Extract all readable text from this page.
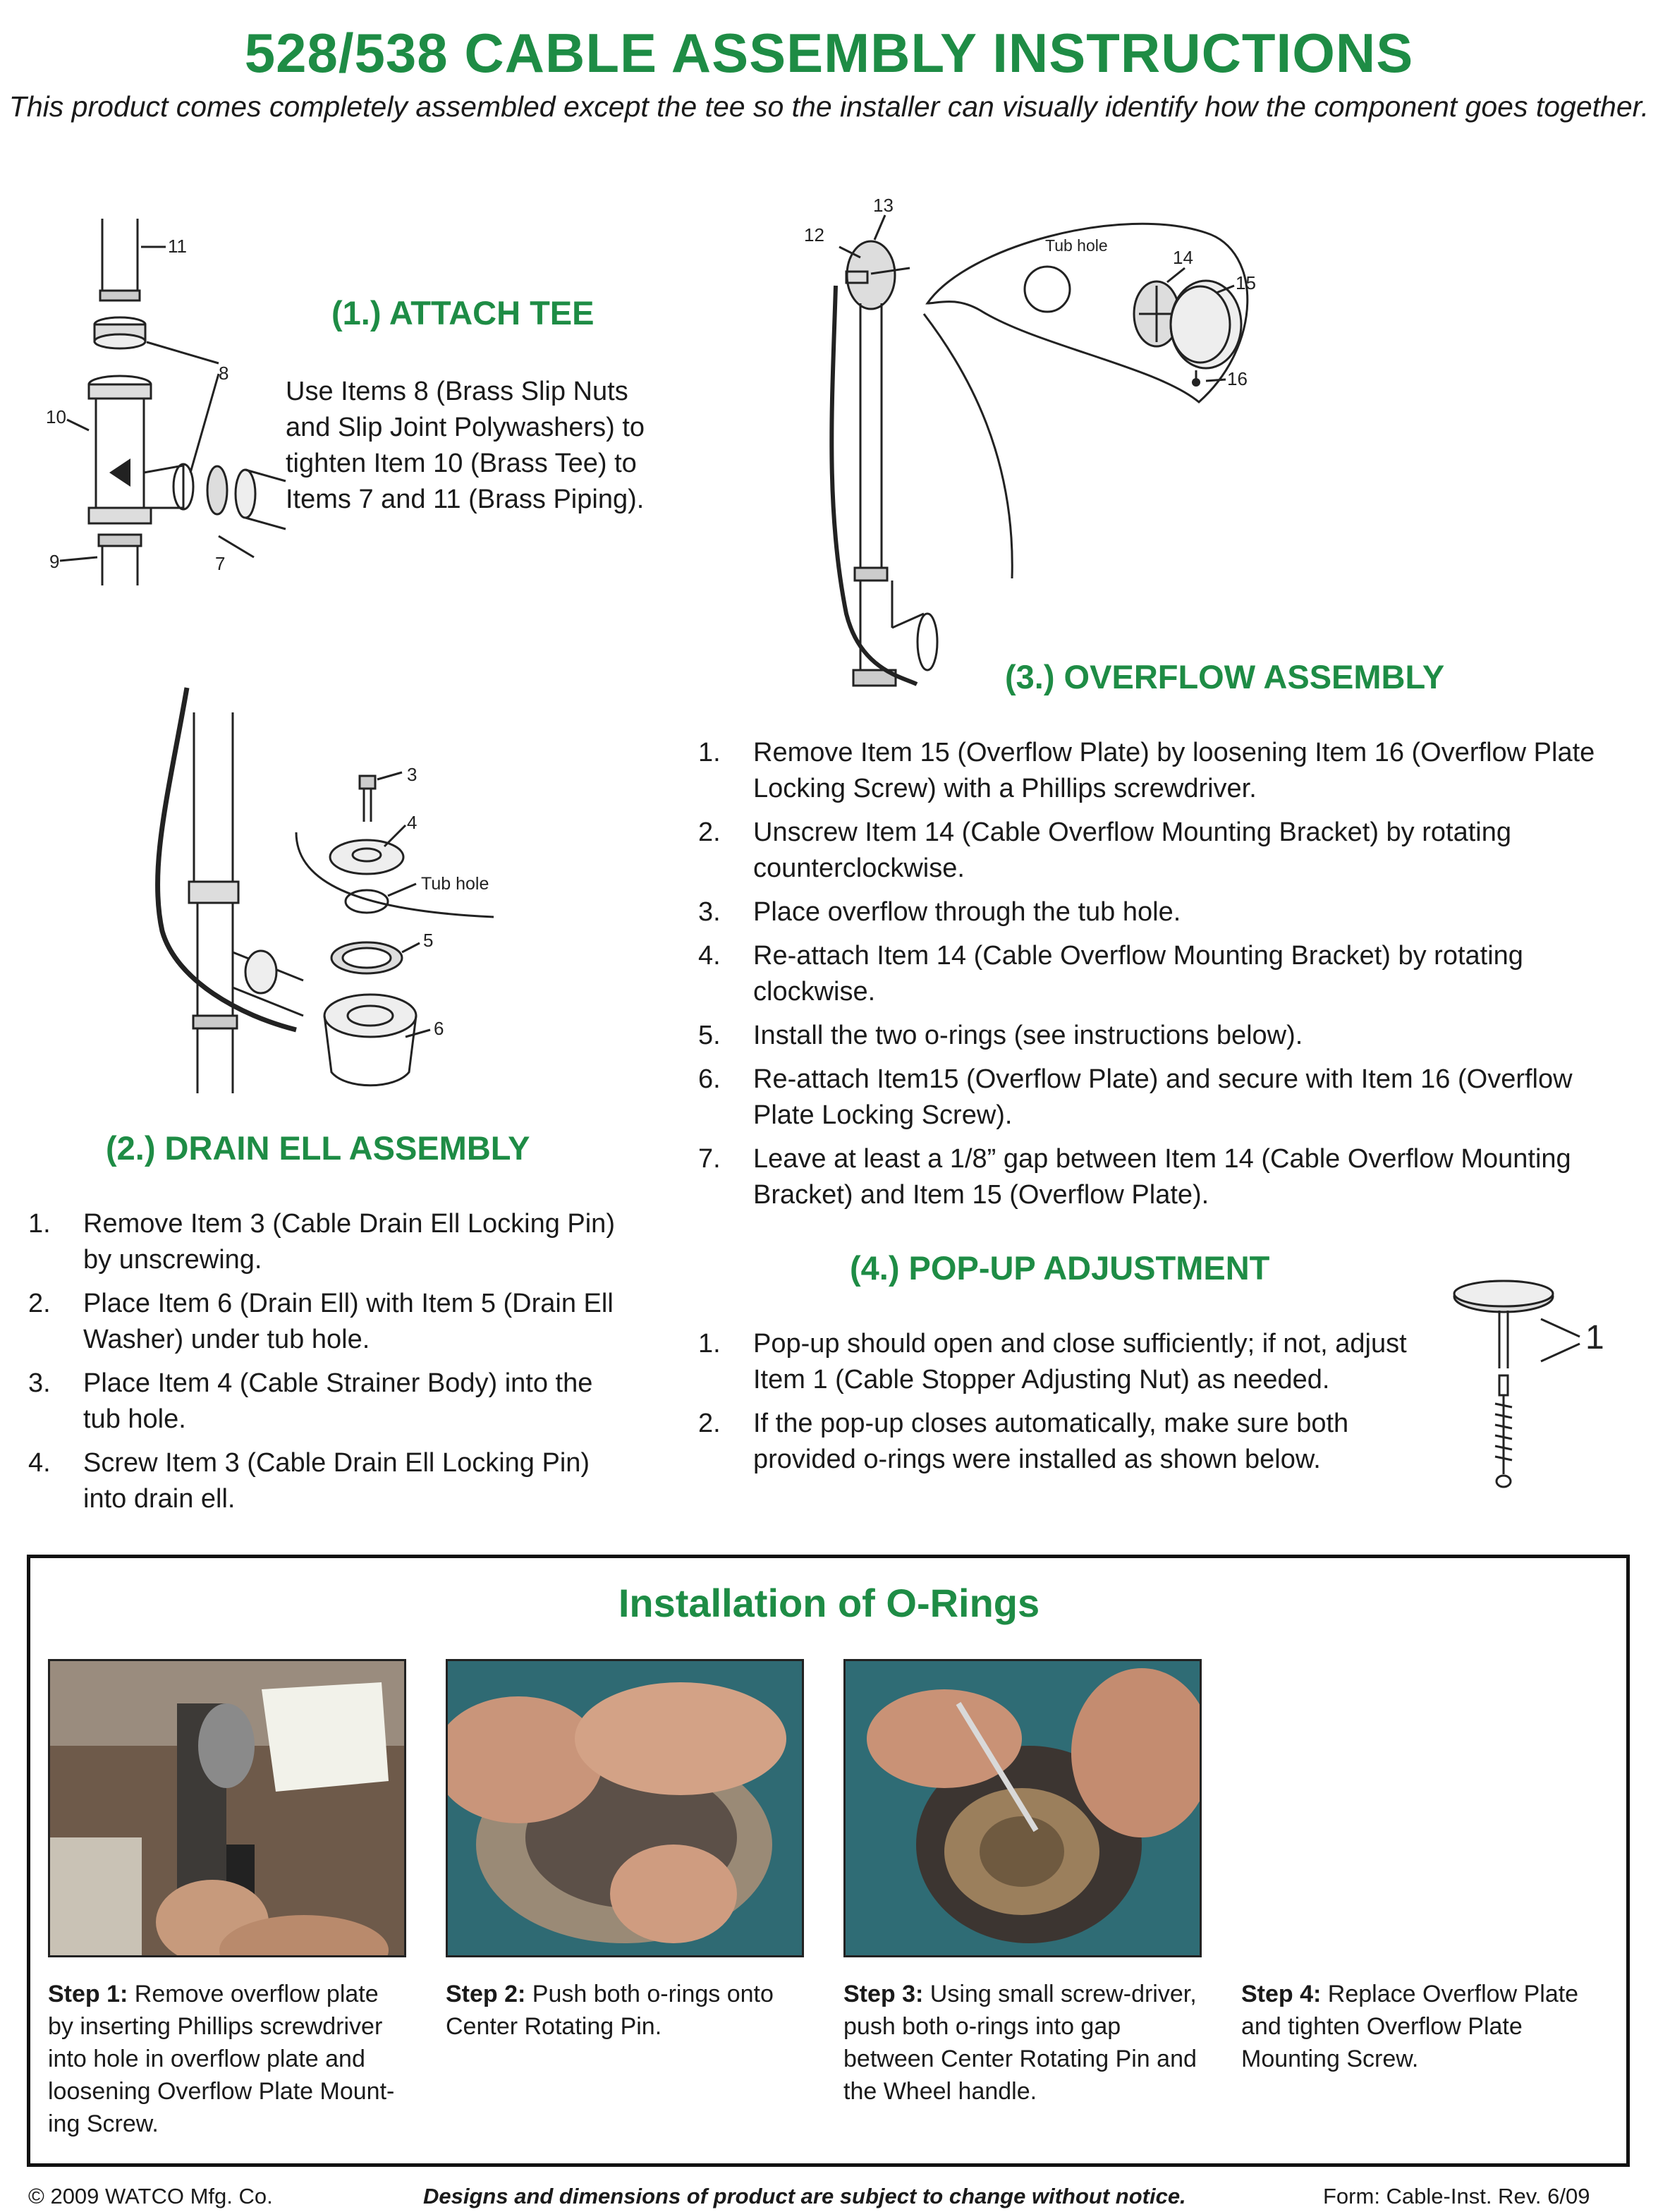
528/538 CABLE ASSEMBLY INSTRUCTIONS
This product comes completely assembled except the tee so the installer can visually identify how the component goes together.
11
8
10
9	7
(1.) ATTACH TEE
Use Items 8 (Brass Slip Nuts and Slip Joint Polywashers) to tighten Item 10 (Brass Tee) to Items 7 and 11 (Brass Piping).
13
12	Tub hole
14
15
16
(3.) OVERFLOW ASSEMBLY
3
4
Tub hole
5
6
1. Remove Item 15 (Overflow Plate) by loosening Item 16 (Overflow Plate Locking Screw) with a Phillips screwdriver.
2. Unscrew Item 14 (Cable Overflow Mounting Bracket) by rotating counterclockwise.
3. Place overflow through the tub hole.
4. Re-attach Item 14 (Cable Overflow Mounting Bracket) by rotating clockwise.
5. Install the two o-rings (see instructions below).
6. Re-attach Item15 (Overflow Plate) and secure with Item 16 (Overflow Plate Locking Screw).
7. Leave at least a 1/8” gap between Item 14 (Cable Overflow Mounting Bracket) and Item 15 (Overflow Plate).
(2.) DRAIN ELL ASSEMBLY
1. Remove Item 3 (Cable Drain Ell Locking Pin) by unscrewing.
2. Place Item 6 (Drain Ell) with Item 5 (Drain Ell Washer) under tub hole.
3. Place Item 4 (Cable Strainer Body) into the tub hole.
4. Screw Item 3 (Cable Drain Ell Locking Pin) into drain ell.
(4.) POP-UP ADJUSTMENT
1. Pop-up should open and close sufficiently; if not, adjust Item 1 (Cable Stopper Adjusting Nut) as needed.
2. If the pop-up closes automatically, make sure both provided o-rings were installed as shown below.
1
Installation of O-Rings
Step 1: Remove overflow plate by inserting Phillips screwdriver into hole in overflow plate and loosening Overflow Plate Mount-ing Screw.
Step 2: Push both o-rings onto Center Rotating Pin.
Step 3: Using small screw-driver, push both o-rings into gap between Center Rotating Pin and the Wheel handle.
Step 4: Replace Overflow Plate and tighten Overflow Plate Mounting Screw.
© 2009 WATCO Mfg. Co.	Designs and dimensions of product are subject to change without notice.	Form: Cable-Inst. Rev. 6/09
